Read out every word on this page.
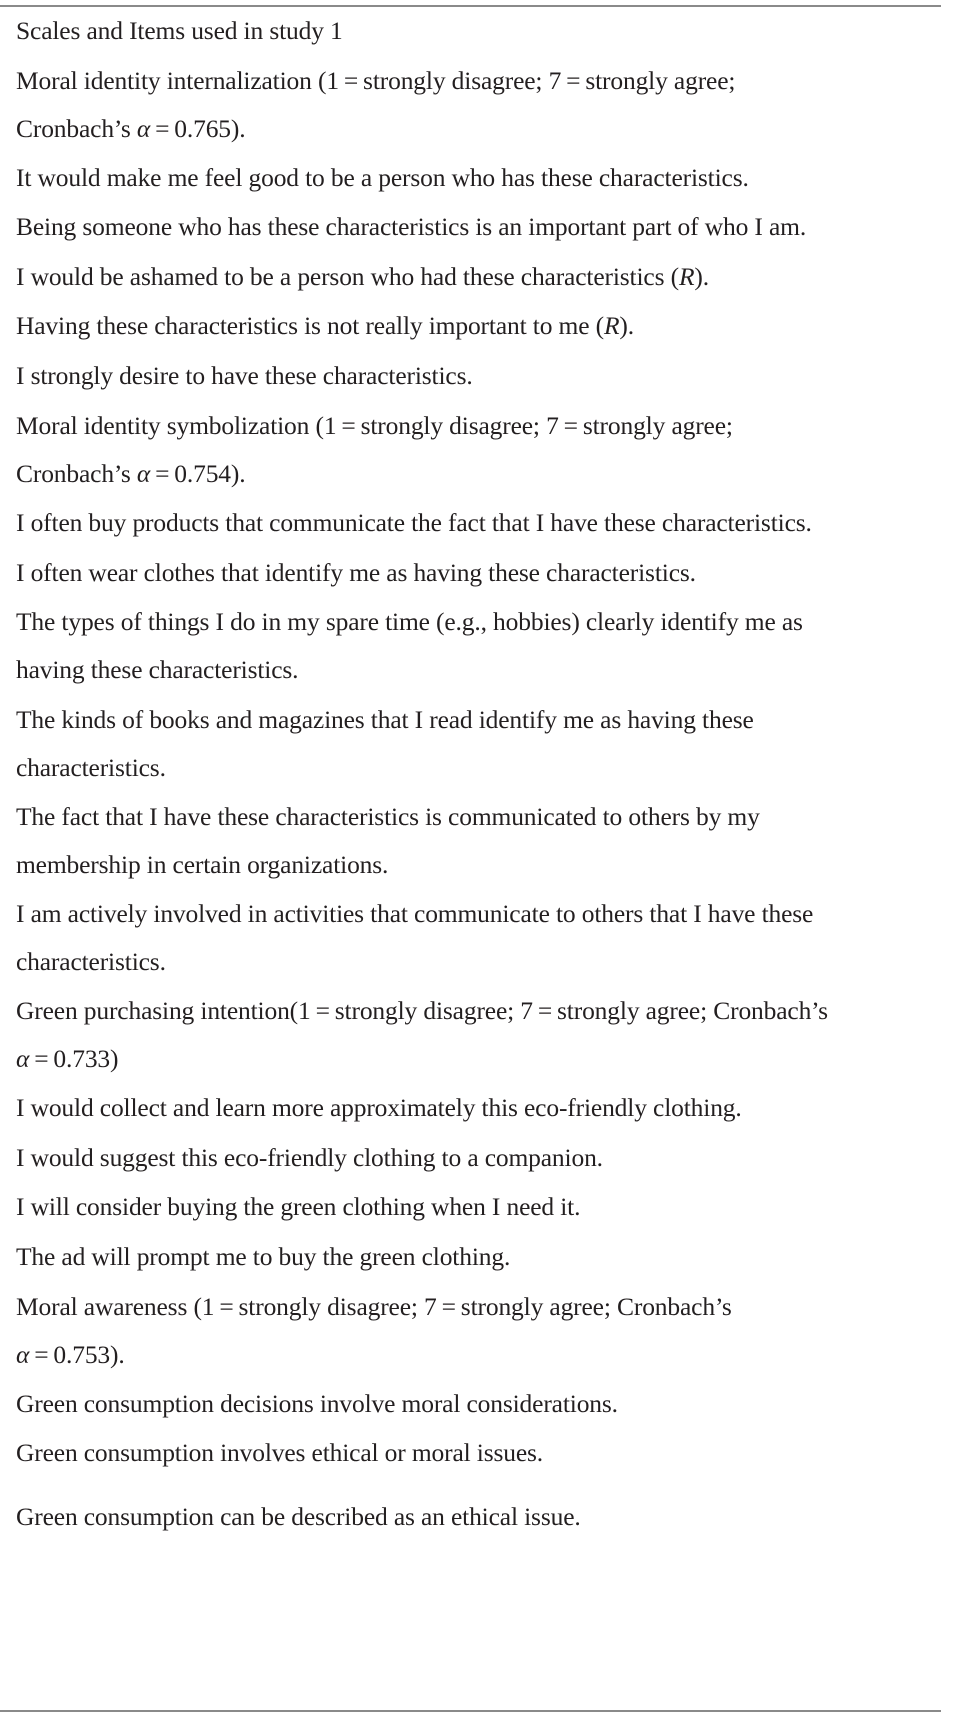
Scales and Items used in study 1
Moral identity internalization (1 = strongly disagree; 7 = strongly agree;
Cronbach’s α = 0.765).
It would make me feel good to be a person who has these characteristics.
Being someone who has these characteristics is an important part of who I am.
I would be ashamed to be a person who had these characteristics (R).
Having these characteristics is not really important to me (R).
I strongly desire to have these characteristics.
Moral identity symbolization (1 = strongly disagree; 7 = strongly agree;
Cronbach’s α = 0.754).
I often buy products that communicate the fact that I have these characteristics.
I often wear clothes that identify me as having these characteristics.
The types of things I do in my spare time (e.g., hobbies) clearly identify me as
having these characteristics.
The kinds of books and magazines that I read identify me as having these
characteristics.
The fact that I have these characteristics is communicated to others by my
membership in certain organizations.
I am actively involved in activities that communicate to others that I have these
characteristics.
Green purchasing intention(1 = strongly disagree; 7 = strongly agree; Cronbach’s
α = 0.733)
I would collect and learn more approximately this eco-friendly clothing.
I would suggest this eco-friendly clothing to a companion.
I will consider buying the green clothing when I need it.
The ad will prompt me to buy the green clothing.
Moral awareness (1 = strongly disagree; 7 = strongly agree; Cronbach’s
α = 0.753).
Green consumption decisions involve moral considerations.
Green consumption involves ethical or moral issues.
Green consumption can be described as an ethical issue.
